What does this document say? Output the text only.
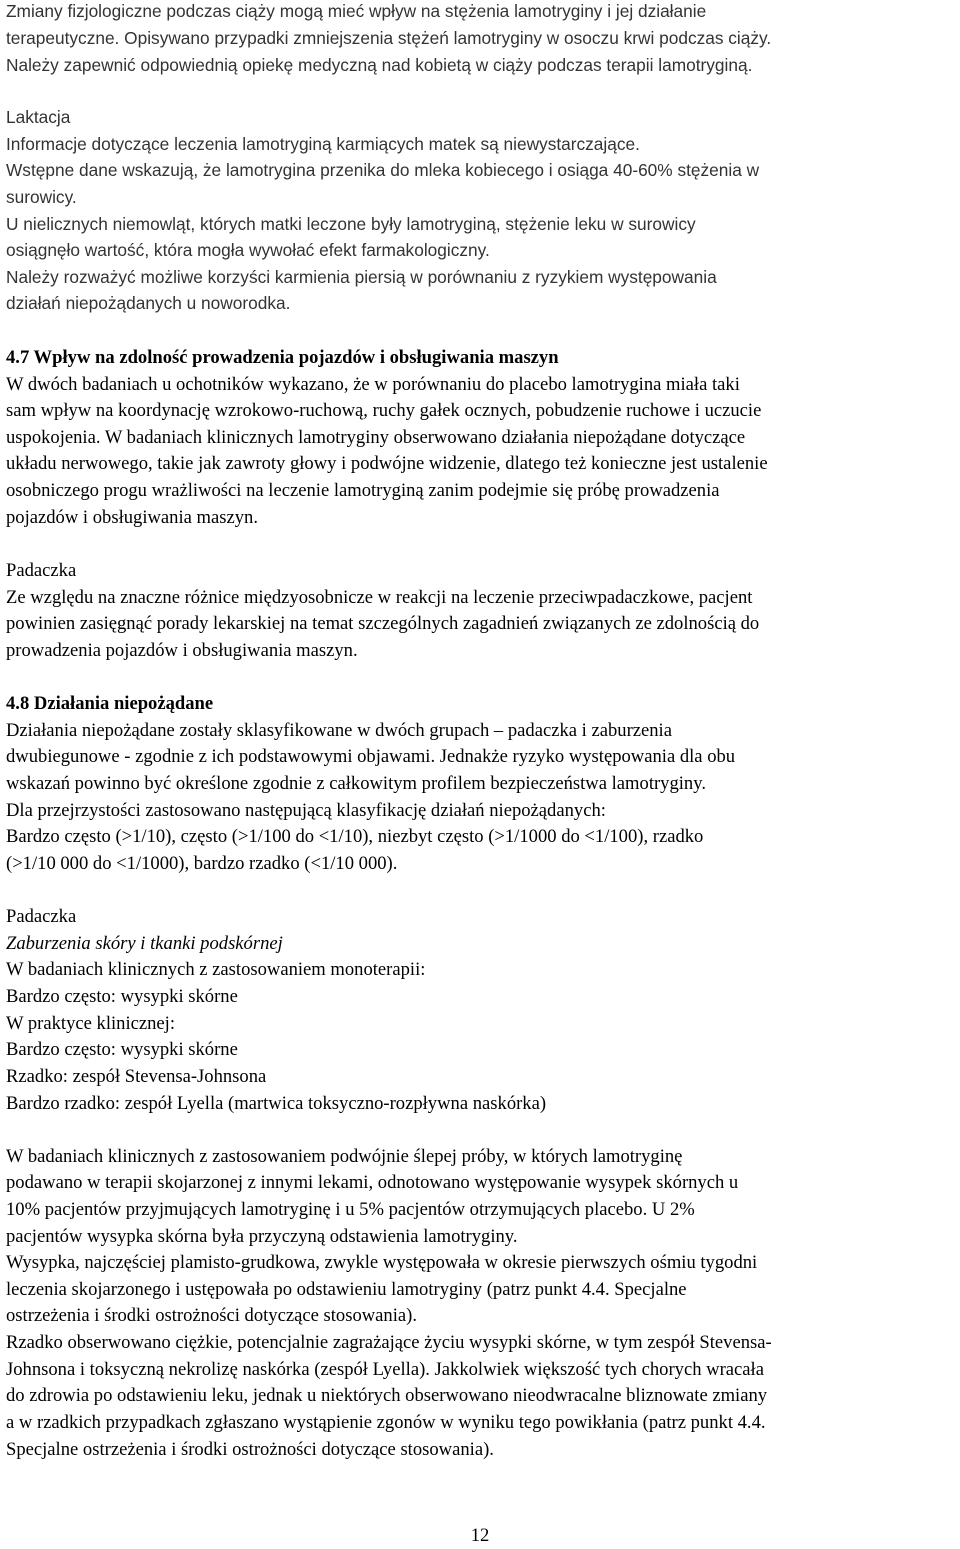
Zmiany fizjologiczne podczas ciąży mogą mieć wpływ na stężenia lamotryginy i jej działanie
terapeutyczne. Opisywano przypadki zmniejszenia stężeń lamotryginy w osoczu krwi podczas ciąży.
Należy zapewnić odpowiednią opiekę medyczną nad kobietą w ciąży podczas terapii lamotryginą.
Laktacja
Informacje dotyczące leczenia lamotryginą karmiących matek są niewystarczające.
Wstępne dane wskazują, że lamotrygina przenika do mleka kobiecego i osiąga 40-60% stężenia w
surowicy.
U nielicznych niemowląt, których matki leczone były lamotryginą, stężenie leku w surowicy
osiągnęło wartość, która mogła wywołać efekt farmakologiczny.
Należy rozważyć możliwe korzyści karmienia piersią w porównaniu z ryzykiem występowania
działań niepożądanych u noworodka.
4.7 Wpływ na zdolność prowadzenia pojazdów i obsługiwania maszyn
W dwóch badaniach u ochotników wykazano, że w porównaniu do placebo lamotrygina miała taki
sam wpływ na koordynację wzrokowo-ruchową, ruchy gałek ocznych, pobudzenie ruchowe i uczucie
uspokojenia. W badaniach klinicznych lamotryginy obserwowano działania niepożądane dotyczące
układu nerwowego, takie jak zawroty głowy i podwójne widzenie, dlatego też konieczne jest ustalenie
osobniczego progu wrażliwości na leczenie lamotryginą zanim podejmie się próbę prowadzenia
pojazdów i obsługiwania maszyn.
Padaczka
Ze względu na znaczne różnice międzyosobnicze w reakcji na leczenie przeciwpadaczkowe, pacjent
powinien zasięgnąć porady lekarskiej na temat szczególnych zagadnień związanych ze zdolnością do
prowadzenia pojazdów i obsługiwania maszyn.
4.8 Działania niepożądane
Działania niepożądane zostały sklasyfikowane w dwóch grupach – padaczka i zaburzenia
dwubiegunowe - zgodnie z ich podstawowymi objawami. Jednakże ryzyko występowania dla obu
wskazań powinno być określone zgodnie z całkowitym profilem bezpieczeństwa lamotryginy.
Dla przejrzystości zastosowano następującą klasyfikację działań niepożądanych:
Bardzo często (>1/10), często (>1/100 do <1/10), niezbyt często (>1/1000 do <1/100), rzadko
(>1/10 000 do <1/1000), bardzo rzadko (<1/10 000).
Padaczka
Zaburzenia skóry i tkanki podskórnej
W badaniach klinicznych z zastosowaniem monoterapii:
Bardzo często: wysypki skórne
W praktyce klinicznej:
Bardzo często: wysypki skórne
Rzadko: zespół Stevensa-Johnsona
Bardzo rzadko: zespół Lyella (martwica toksyczno-rozpływna naskórka)
W badaniach klinicznych z zastosowaniem podwójnie ślepej próby, w których lamotryginę
podawano w terapii skojarzonej z innymi lekami, odnotowano występowanie wysypek skórnych u
10% pacjentów przyjmujących lamotryginę i u 5% pacjentów otrzymujących placebo. U 2%
pacjentów wysypka skórna była przyczyną odstawienia lamotryginy.
Wysypka, najczęściej plamisto-grudkowa, zwykle występowała w okresie pierwszych ośmiu tygodni
leczenia skojarzonego i ustępowała po odstawieniu lamotryginy (patrz punkt 4.4. Specjalne
ostrzeżenia i środki ostrożności dotyczące stosowania).
Rzadko obserwowano ciężkie, potencjalnie zagrażające życiu wysypki skórne, w tym zespół Stevensa-
Johnsona i toksyczną nekrolizę naskórka (zespół Lyella). Jakkolwiek większość tych chorych wracała
do zdrowia po odstawieniu leku, jednak u niektórych obserwowano nieodwracalne bliznowate zmiany
a w rzadkich przypadkach zgłaszano wystąpienie zgonów w wyniku tego powikłania (patrz punkt 4.4.
Specjalne ostrzeżenia i środki ostrożności dotyczące stosowania).
12
